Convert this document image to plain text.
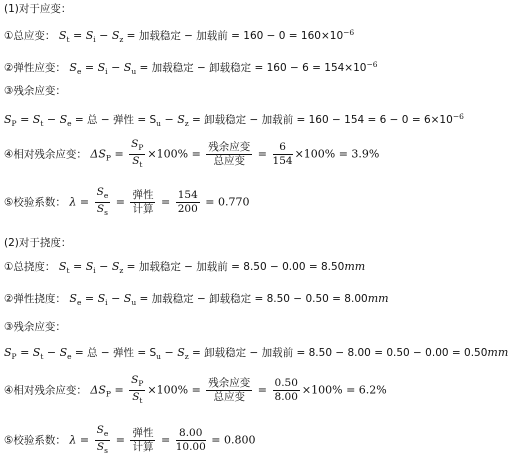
(1)对于应变：
①总应变： $S_t = S_i - S_z$ = 加载稳定 − 加载前 = $160 - 0 = 160\times 10^{-6}$
②弹性应变： $S_e = S_i - S_u$ = 加载稳定 − 卸载稳定 = $160 - 6 = 154\times 10^{-6}$
③残余应变：
$S_P = S_t - S_e$ = 总 − 弹性 = $S_u - S_z$ = 卸载稳定 − 加载前 = $160 - 154 = 6 - 0 = 6\times 10^{-6}$
④相对残余应变： $\Delta S_P = \frac{S_P}{S_t} \times 100\% = \frac{\text{残余应变}}{\text{总应变}} = \frac{6}{154} \times 100\% = 3.9\%$
⑤校验系数： $\lambda = \frac{S_e}{S_s} = \frac{\text{弹性}}{\text{计算}} = \frac{154}{200} = 0.770$
(2)对于挠度：
①总挠度： $S_t = S_i - S_z$ = 加载稳定 − 加载前 = 8.50 − 0.00 = 8.50mm
②弹性挠度： $S_e = S_i - S_u$ = 加载稳定 − 卸载稳定 = 8.50 − 0.50 = 8.00mm
③残余应变：
$S_P = S_t - S_e$ = 总 − 弹性 = $S_u - S_z$ = 卸载稳定 − 加载前 = 8.50 − 8.00 = 0.50 − 0.00 = 0.50mm
④相对残余应变： $\Delta S_P = \frac{S_P}{S_t} \times 100\% = \frac{\text{残余应变}}{\text{总应变}} = \frac{0.50}{8.00} \times 100\% = 6.2\%$
⑤校验系数： $\lambda = \frac{S_e}{S_s} = \frac{\text{弹性}}{\text{计算}} = \frac{8.00}{10.00} = 0.800$
